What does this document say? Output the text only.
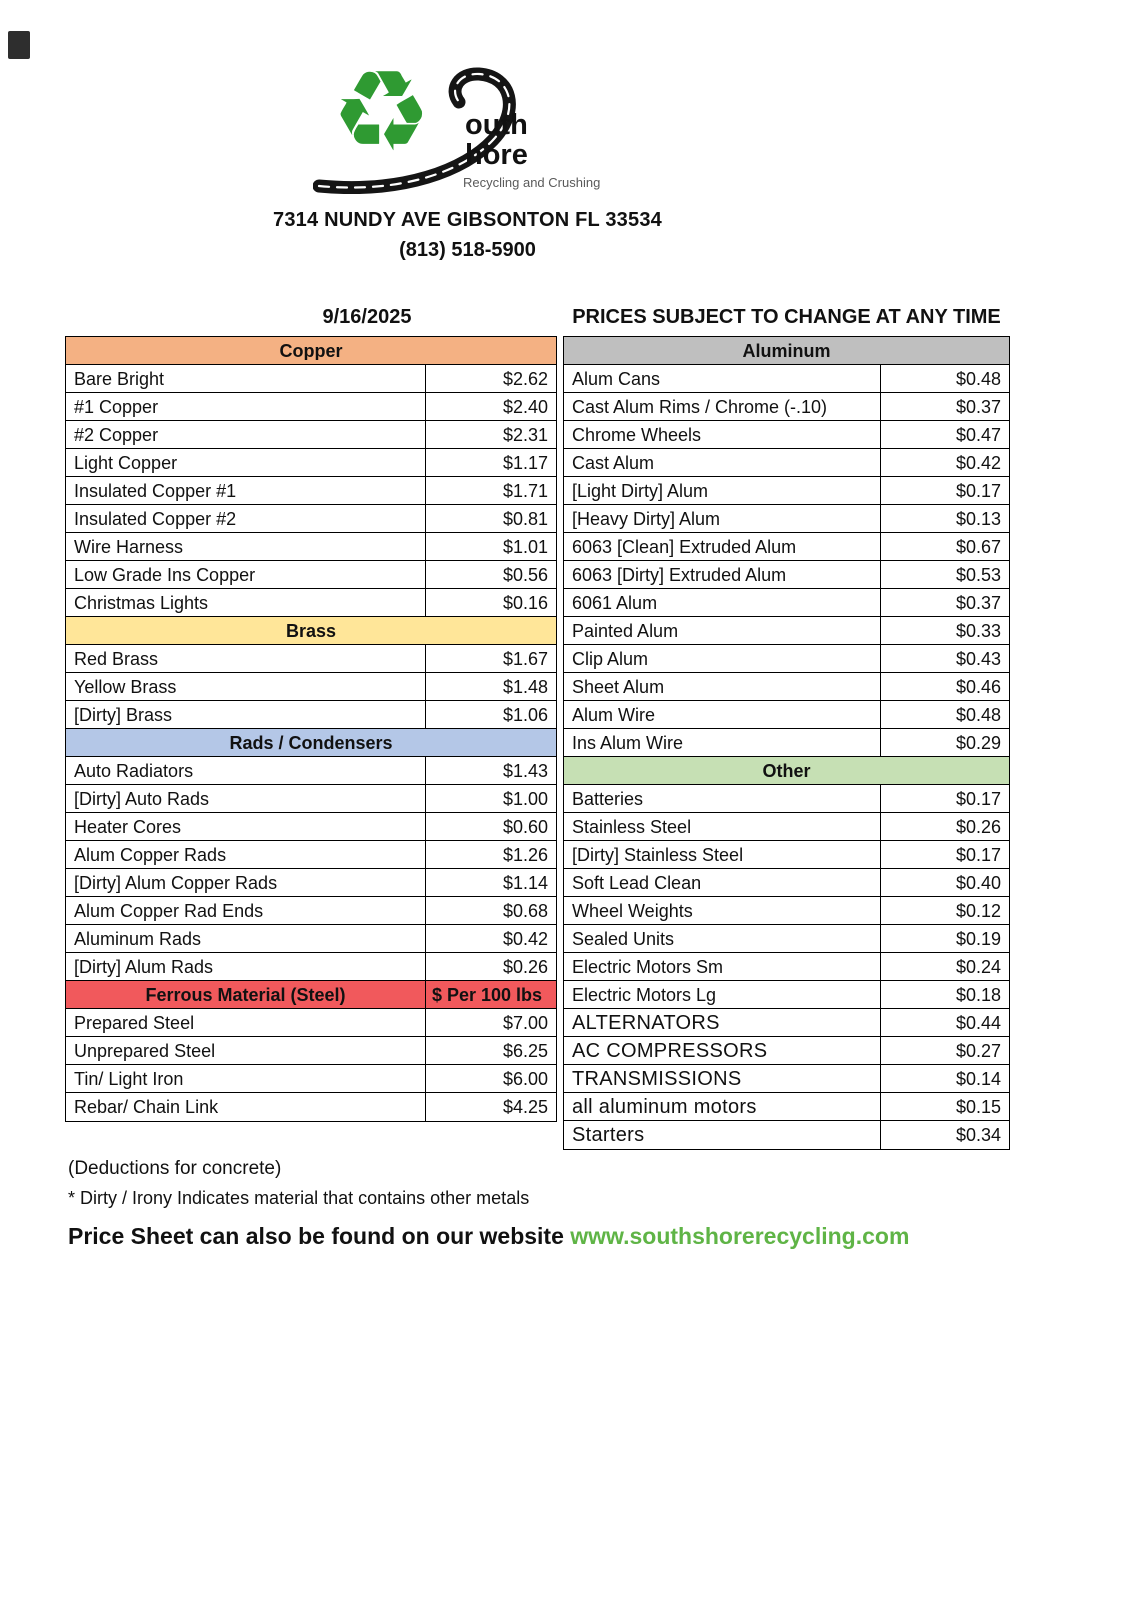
♻ outh
hore
Recycling and Crushing
7314 NUNDY AVE GIBSONTON FL 33534
(813) 518-5900
9/16/2025	PRICES SUBJECT TO CHANGE AT ANY TIME
Copper
Bare Bright	$2.62
#1 Copper	$2.40
#2 Copper	$2.31
Light Copper	$1.17
Insulated Copper #1	$1.71
Insulated Copper #2	$0.81
Wire Harness	$1.01
Low Grade Ins Copper	$0.56
Christmas Lights	$0.16
Brass
Red Brass	$1.67
Yellow Brass	$1.48
[Dirty] Brass	$1.06
Rads / Condensers
Auto Radiators	$1.43
[Dirty] Auto Rads	$1.00
Heater Cores	$0.60
Alum Copper Rads	$1.26
[Dirty] Alum Copper Rads	$1.14
Alum Copper Rad Ends	$0.68
Aluminum Rads	$0.42
[Dirty] Alum Rads	$0.26
Ferrous Material (Steel)	$ Per 100 lbs
Prepared Steel	$7.00
Unprepared Steel	$6.25
Tin/ Light Iron	$6.00
Rebar/ Chain Link	$4.25
Aluminum
Alum Cans	$0.48
Cast Alum Rims / Chrome (-.10)	$0.37
Chrome Wheels	$0.47
Cast Alum	$0.42
[Light Dirty] Alum	$0.17
[Heavy Dirty] Alum	$0.13
6063 [Clean] Extruded Alum	$0.67
6063 [Dirty] Extruded Alum	$0.53
6061 Alum	$0.37
Painted Alum	$0.33
Clip Alum	$0.43
Sheet Alum	$0.46
Alum Wire	$0.48
Ins Alum Wire	$0.29
Other
Batteries	$0.17
Stainless Steel	$0.26
[Dirty] Stainless Steel	$0.17
Soft Lead Clean	$0.40
Wheel Weights	$0.12
Sealed Units	$0.19
Electric Motors Sm	$0.24
Electric Motors Lg	$0.18
ALTERNATORS	$0.44
AC COMPRESSORS	$0.27
TRANSMISSIONS	$0.14
all aluminum motors	$0.15
Starters	$0.34
(Deductions for concrete)
* Dirty / Irony Indicates material that contains other metals
Price Sheet can also be found on our website www.southshorerecycling.com
